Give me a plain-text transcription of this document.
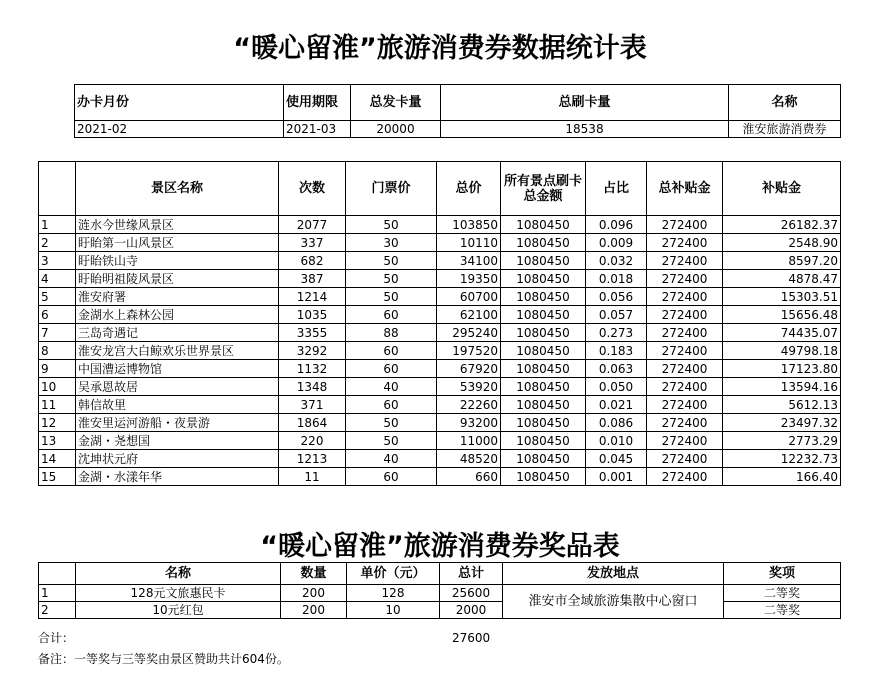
“暖心留淮”旅游消费券数据统计表
办卡月份	使用期限	总发卡量	总刷卡量	名称
2021-02	2021-03	20000	18538	淮安旅游消费券
	景区名称	次数	门票价	总价	所有景点刷卡总金额	占比	总补贴金	补贴金
1	涟水今世缘风景区	2077	50	103850	1080450	0.096	272400	26182.37
2	盱眙第一山风景区	337	30	10110	1080450	0.009	272400	2548.90
3	盱眙铁山寺	682	50	34100	1080450	0.032	272400	8597.20
4	盱眙明祖陵风景区	387	50	19350	1080450	0.018	272400	4878.47
5	淮安府署	1214	50	60700	1080450	0.056	272400	15303.51
6	金湖水上森林公园	1035	60	62100	1080450	0.057	272400	15656.48
7	三岛奇遇记	3355	88	295240	1080450	0.273	272400	74435.07
8	淮安龙宫大白鲸欢乐世界景区	3292	60	197520	1080450	0.183	272400	49798.18
9	中国漕运博物馆	1132	60	67920	1080450	0.063	272400	17123.80
10	吴承恩故居	1348	40	53920	1080450	0.050	272400	13594.16
11	韩信故里	371	60	22260	1080450	0.021	272400	5612.13
12	淮安里运河游船・夜景游	1864	50	93200	1080450	0.086	272400	23497.32
13	金湖・尧想国	220	50	11000	1080450	0.010	272400	2773.29
14	沈坤状元府	1213	40	48520	1080450	0.045	272400	12232.73
15	金湖・水漾年华	11	60	660	1080450	0.001	272400	166.40
“暖心留淮”旅游消费券奖品表
	名称	数量	单价（元）	总计	发放地点	奖项
1	128元文旅惠民卡	200	128	25600	淮安市全域旅游集散中心窗口	二等奖
2	10元红包	200	10	2000		二等奖
合计：	27600
备注：一等奖与三等奖由景区赞助共计604份。
